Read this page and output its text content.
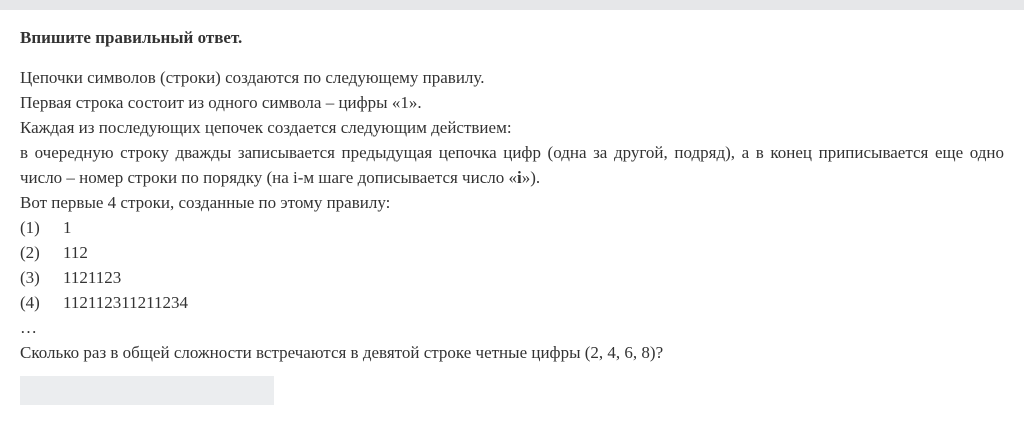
Впишите правильный ответ.

Цепочки символов (строки) создаются по следующему правилу.

Первая строка состоит из одного символа – цифры «1».

Каждая из последующих цепочек создается следующим действием:

в очередную строку дважды записывается предыдущая цепочка цифр (одна за другой, подряд), а в конец приписывается еще одно число – номер строки по порядку (на i-м шаге дописывается число «i»).

Вот первые 4 строки, созданные по этому правилу:

(1) 1

(2) 112

(3) 1121123

(4) 112112311211234

…

Сколько раз в общей сложности встречаются в девятой строке четные цифры (2, 4, 6, 8)?
